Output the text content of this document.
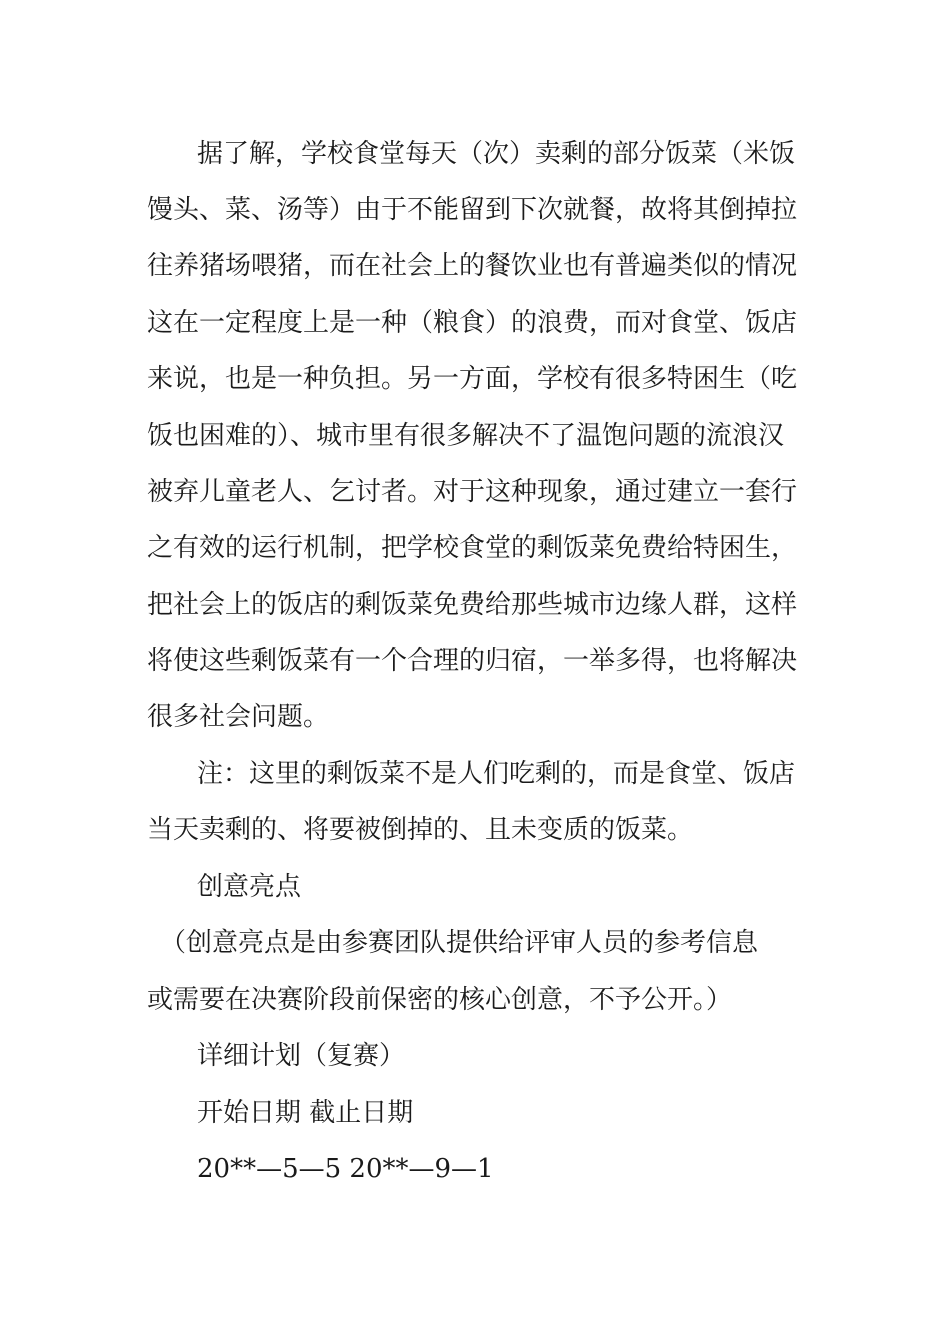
据了解，学校食堂每天（次）卖剩的部分饭菜（米饭
馒头、菜、汤等）由于不能留到下次就餐，故将其倒掉拉
往养猪场喂猪，而在社会上的餐饮业也有普遍类似的情况
这在一定程度上是一种（粮食）的浪费，而对食堂、饭店
来说，也是一种负担。另一方面，学校有很多特困生（吃
饭也困难的）、城市里有很多解决不了温饱问题的流浪汉
被弃儿童老人、乞讨者。对于这种现象，通过建立一套行
之有效的运行机制，把学校食堂的剩饭菜免费给特困生，
把社会上的饭店的剩饭菜免费给那些城市边缘人群，这样
将使这些剩饭菜有一个合理的归宿，一举多得，也将解决
很多社会问题。
注：这里的剩饭菜不是人们吃剩的，而是食堂、饭店
当天卖剩的、将要被倒掉的、且未变质的饭菜。
创意亮点
（创意亮点是由参赛团队提供给评审人员的参考信息
或需要在决赛阶段前保密的核心创意，不予公开。）
详细计划（复赛）
开始日期 截止日期
20**—5—5 20**—9—1
